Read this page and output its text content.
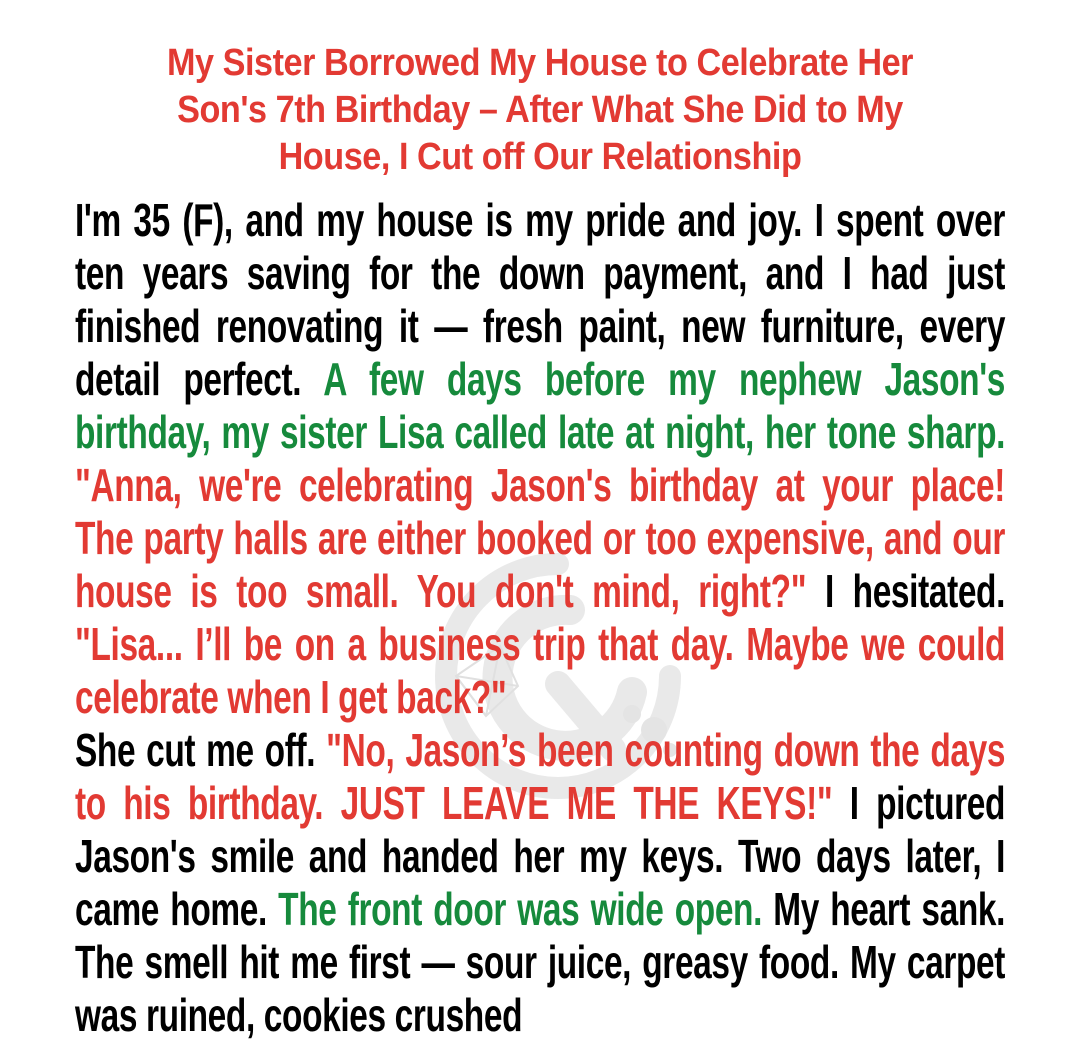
My Sister Borrowed My House to Celebrate Her
Son's 7th Birthday – After What She Did to My
House, I Cut off Our Relationship

I'm 35 (F), and my house is my pride and joy. I spent over ten years saving for the down payment, and I had just finished renovating it — fresh paint, new furniture, every detail perfect. A few days before my nephew Jason's birthday, my sister Lisa called late at night, her tone sharp. "Anna, we're celebrating Jason's birthday at your place! The party halls are either booked or too expensive, and our house is too small. You don't mind, right?" I hesitated. "Lisa... I’ll be on a business trip that day. Maybe we could celebrate when I get back?"
She cut me off. "No, Jason’s been counting down the days to his birthday. JUST LEAVE ME THE KEYS!" I pictured Jason's smile and handed her my keys. Two days later, I came home. The front door was wide open. My heart sank. The smell hit me first — sour juice, greasy food. My carpet was ruined, cookies crushed
